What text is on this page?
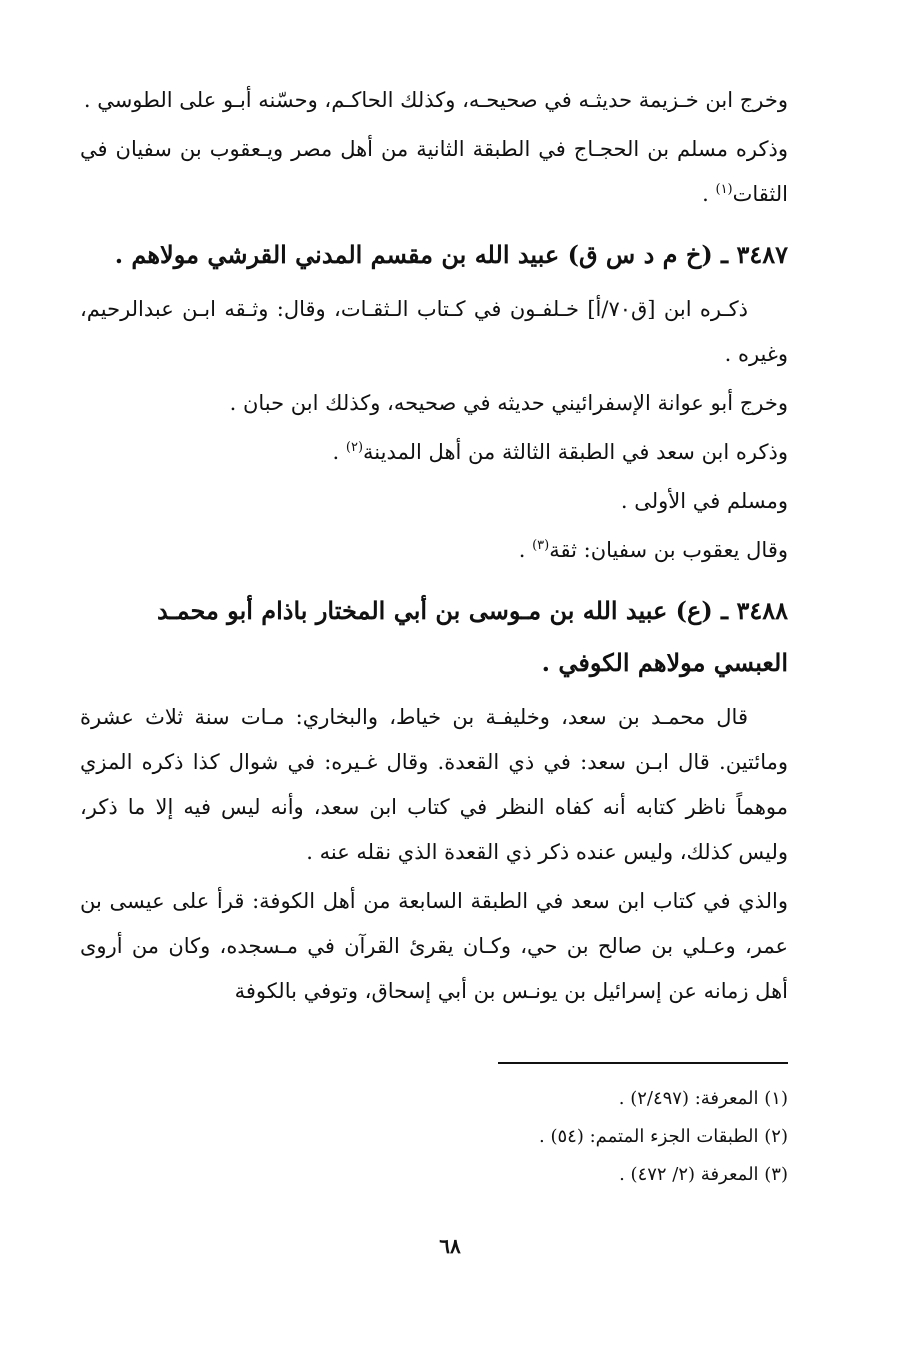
وخرج ابن خـزيمة حديثـه في صحيحـه، وكذلك الحاكـم، وحسّنه أبـو على الطوسي .

وذكره مسلم بن الحجـاج في الطبقة الثانية من أهل مصر ويـعقوب بن سفيان في الثقات$^{(١)}$ .

٣٤٨٧ ـ (خ م د س ق) عبيد الله بن مقسم المدني القرشي مولاهم .

ذكـره ابن [ق٧٠/أ] خـلفـون في كـتاب الـثقـات، وقال: وثـقه ابـن عبدالرحيم، وغيره .

وخرج أبو عوانة الإسفرائيني حديثه في صحيحه، وكذلك ابن حبان .

وذكره ابن سعد في الطبقة الثالثة من أهل المدينة$^{(٢)}$ .

ومسلم في الأولى .

وقال يعقوب بن سفيان: ثقة$^{(٣)}$ .

٣٤٨٨ ـ (ع) عبيد الله بن مـوسى بن أبي المختار باذام أبو محمـد العبسي مولاهم الكوفي .

قال محمـد بن سعد، وخليفـة بن خياط، والبخاري: مـات سنة ثلاث عشرة ومائتين. قال ابـن سعد: في ذي القعدة. وقال غـيره: في شوال كذا ذكره المزي موهماً ناظر كتابه أنه كفاه النظر في كتاب ابن سعد، وأنه ليس فيه إلا ما ذكر، وليس كذلك، وليس عنده ذكر ذي القعدة الذي نقله عنه .

والذي في كتاب ابن سعد في الطبقة السابعة من أهل الكوفة: قرأ على عيسى بن عمر، وعـلي بن صالح بن حي، وكـان يقرئ القرآن في مـسجده، وكان من أروى أهل زمانه عن إسرائيل بن يونـس بن أبي إسحاق، وتوفي بالكوفة

(١) المعرفة: (٢/٤٩٧) .
(٢) الطبقات الجزء المتمم: (٥٤) .
(٣) المعرفة (٢/ ٤٧٢) .
٦٨
